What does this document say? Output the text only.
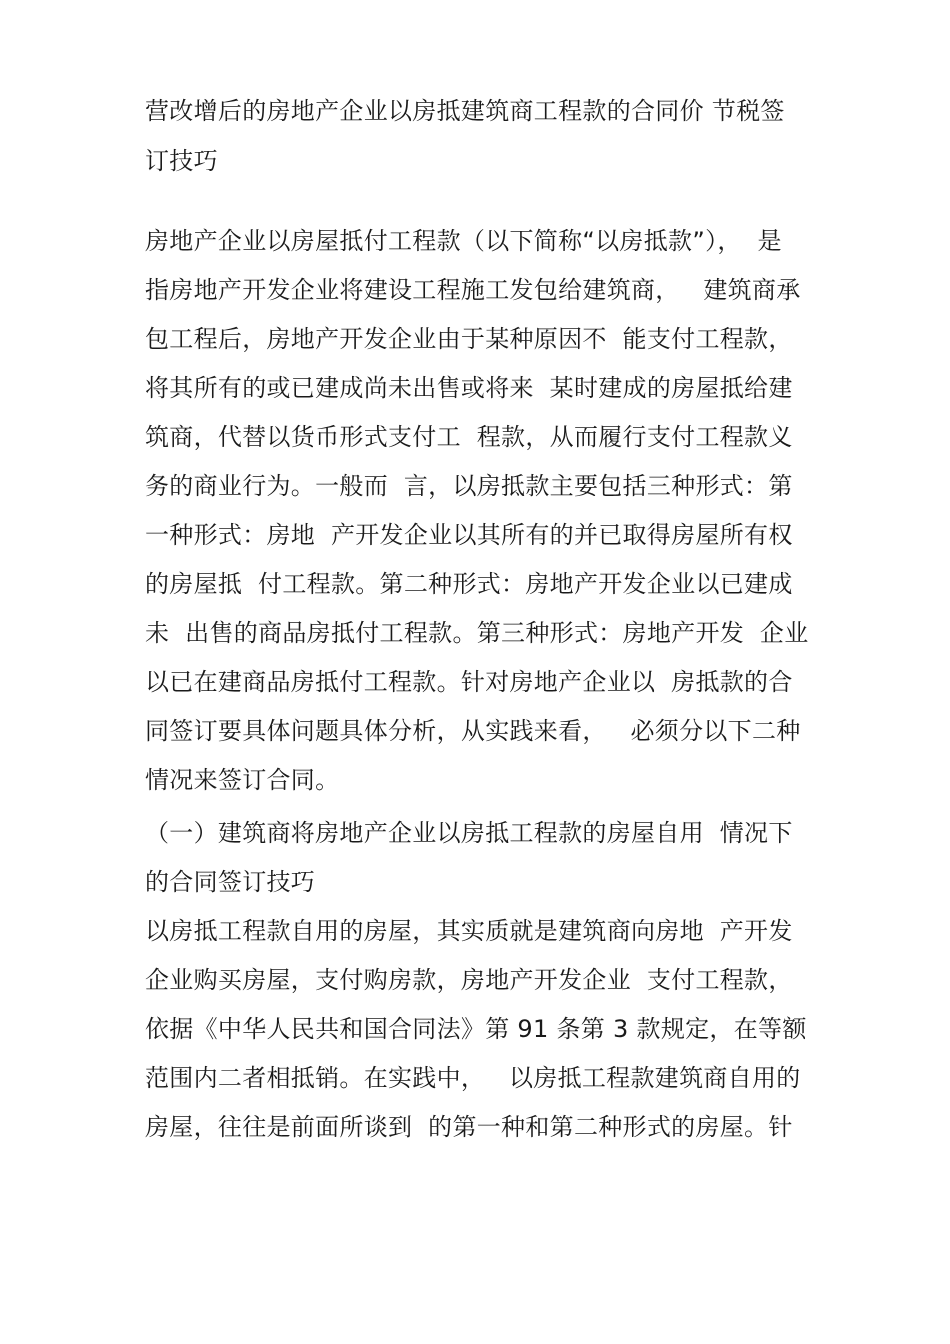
营改增后的房地产企业以房抵建筑商工程款的合同价 节税签
订技巧
房地产企业以房屋抵付工程款（以下简称“以房抵款”），  是
指房地产开发企业将建设工程施工发包给建筑商，   建筑商承
包工程后，房地产开发企业由于某种原因不  能支付工程款，
将其所有的或已建成尚未出售或将来  某时建成的房屋抵给建
筑商，代替以货币形式支付工  程款，从而履行支付工程款义
务的商业行为。一般而  言，以房抵款主要包括三种形式：第
一种形式：房地  产开发企业以其所有的并已取得房屋所有权
的房屋抵  付工程款。第二种形式：房地产开发企业以已建成
未  出售的商品房抵付工程款。第三种形式：房地产开发  企业
以已在建商品房抵付工程款。针对房地产企业以  房抵款的合
同签订要具体问题具体分析，从实践来看，   必须分以下二种
情况来签订合同。
（一）建筑商将房地产企业以房抵工程款的房屋自用  情况下
的合同签订技巧
以房抵工程款自用的房屋，其实质就是建筑商向房地  产开发
企业购买房屋，支付购房款，房地产开发企业  支付工程款，
依据《中华人民共和国合同法》第 91 条第 3 款规定，在等额
范围内二者相抵销。在实践中，   以房抵工程款建筑商自用的
房屋，往往是前面所谈到  的第一种和第二种形式的房屋。针
